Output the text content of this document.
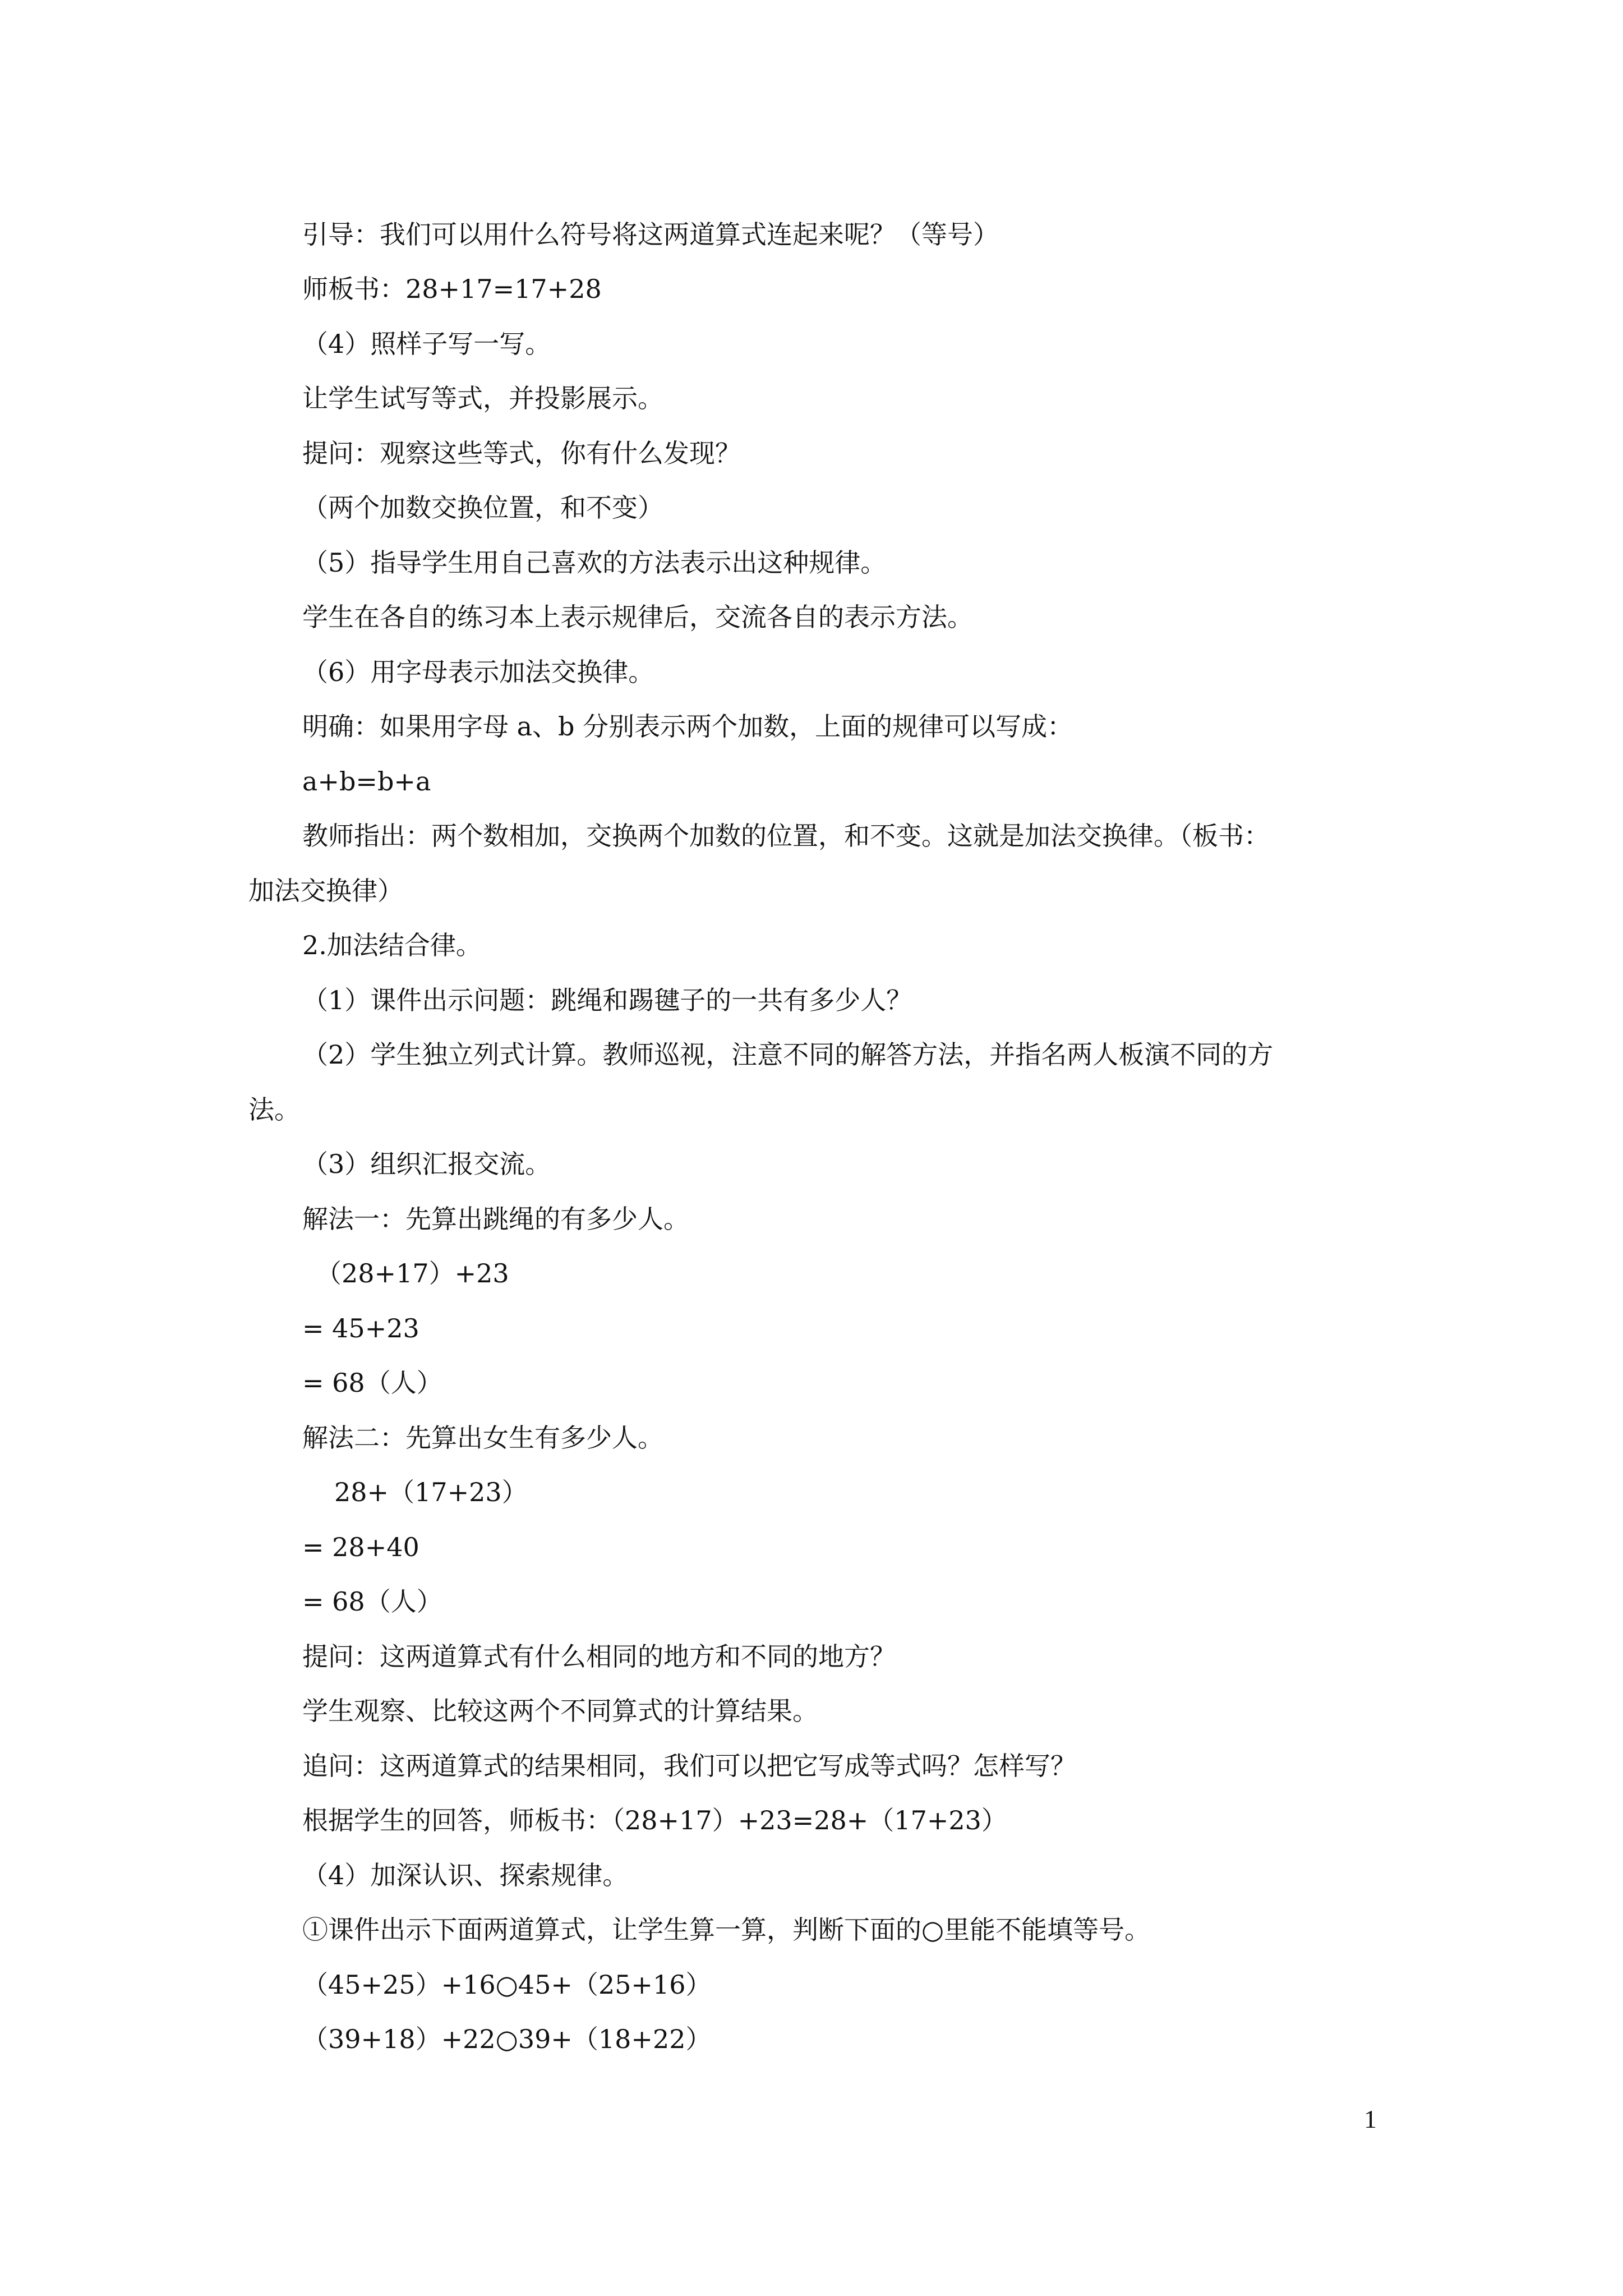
引导：我们可以用什么符号将这两道算式连起来呢？（等号）

师板书：28+17=17+28

（4）照样子写一写。

让学生试写等式，并投影展示。

提问：观察这些等式，你有什么发现？

（两个加数交换位置，和不变）

（5）指导学生用自己喜欢的方法表示出这种规律。

学生在各自的练习本上表示规律后，交流各自的表示方法。

（6）用字母表示加法交换律。

明确：如果用字母 a、b 分别表示两个加数，上面的规律可以写成：

a+b=b+a

教师指出：两个数相加，交换两个加数的位置，和不变。这就是加法交换律。（板书：

加法交换律）

2.加法结合律。

（1）课件出示问题：跳绳和踢毽子的一共有多少人？

（2）学生独立列式计算。教师巡视，注意不同的解答方法，并指名两人板演不同的方

法。

（3）组织汇报交流。

解法一：先算出跳绳的有多少人。

（28+17）+23

= 45+23

= 68（人）

解法二：先算出女生有多少人。

28+（17+23）

= 28+40

= 68（人）

提问：这两道算式有什么相同的地方和不同的地方？

学生观察、比较这两个不同算式的计算结果。

追问：这两道算式的结果相同，我们可以把它写成等式吗？怎样写？

根据学生的回答，师板书：（28+17）+23=28+（17+23）

（4）加深认识、探索规律。

①课件出示下面两道算式，让学生算一算，判断下面的○里能不能填等号。

（45+25）+16○45+（25+16）

（39+18）+22○39+（18+22）

1
